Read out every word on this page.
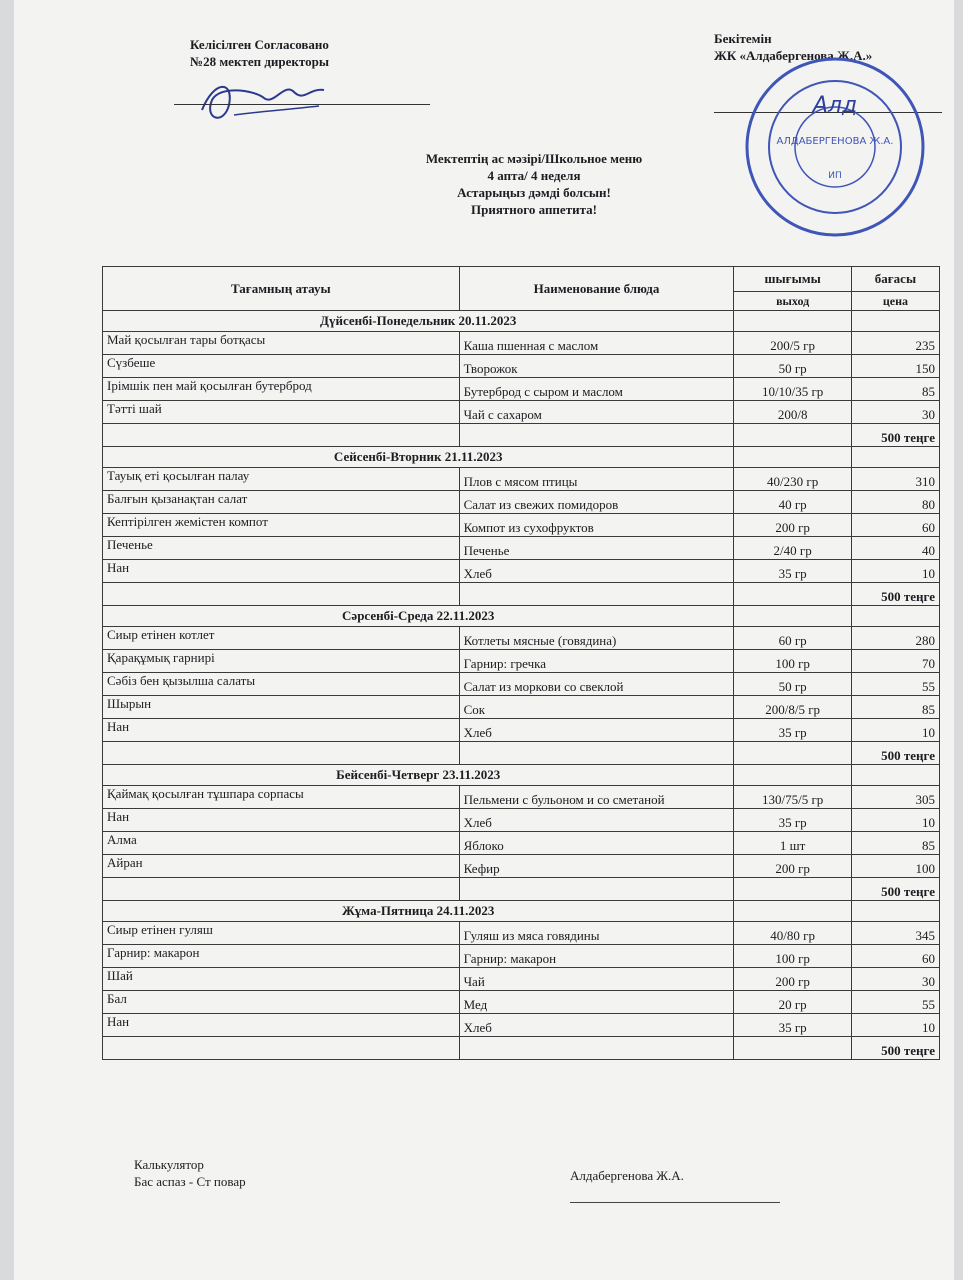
Келісілген Согласовано
№28 мектеп директоры
Бекітемін
ЖК «Алдабергенова Ж.А.»
Алд
АЛДАБЕРГЕНОВА Ж.А.
ИП
Мектептің ас мәзірі/Школьное меню
4 апта/ 4 неделя
Астарыңыз дәмді болсын!
Приятного аппетита!
Тағамның атауы	Наименование блюда	шығымы	бағасы
		выход	цена
Дүйсенбі-Понедельник 20.11.2023			
Май қосылған тары ботқасы	Каша пшенная с маслом	200/5 гр	235
Сүзбеше	Творожок	50 гр	150
Ірімшік пен май қосылған бутерброд	Бутерброд с сыром и маслом	10/10/35 гр	85
Тәтті шай	Чай с сахаром	200/8	30
			500 теңге
Сейсенбі-Вторник 21.11.2023			
Тауық еті қосылған палау	Плов с мясом птицы	40/230 гр	310
Балғын қызанақтан салат	Салат из свежих помидоров	40 гр	80
Кептірілген жемістен компот	Компот из сухофруктов	200 гр	60
Печенье	Печенье	2/40 гр	40
Нан	Хлеб	35 гр	10
			500 теңге
Сәрсенбі-Среда 22.11.2023			
Сиыр етінен котлет	Котлеты мясные (говядина)	60 гр	280
Қарақұмық гарнирі	Гарнир: гречка	100 гр	70
Сәбіз бен қызылша салаты	Салат из моркови со свеклой	50 гр	55
Шырын	Сок	200/8/5 гр	85
Нан	Хлеб	35 гр	10
			500 теңге
Бейсенбі-Четверг 23.11.2023			
Қаймақ қосылған тұшпара сорпасы	Пельмени с бульоном и со сметаной	130/75/5 гр	305
Нан	Хлеб	35 гр	10
Алма	Яблоко	1 шт	85
Айран	Кефир	200 гр	100
			500 теңге
Жұма-Пятница 24.11.2023			
Сиыр етінен гуляш	Гуляш из мяса говядины	40/80 гр	345
Гарнир: макарон	Гарнир: макарон	100 гр	60
Шай	Чай	200 гр	30
Бал	Мед	20 гр	55
Нан	Хлеб	35 гр	10
			500 теңге
Калькулятор
Бас аспаз - Ст повар	Алдабергенова Ж.А.
